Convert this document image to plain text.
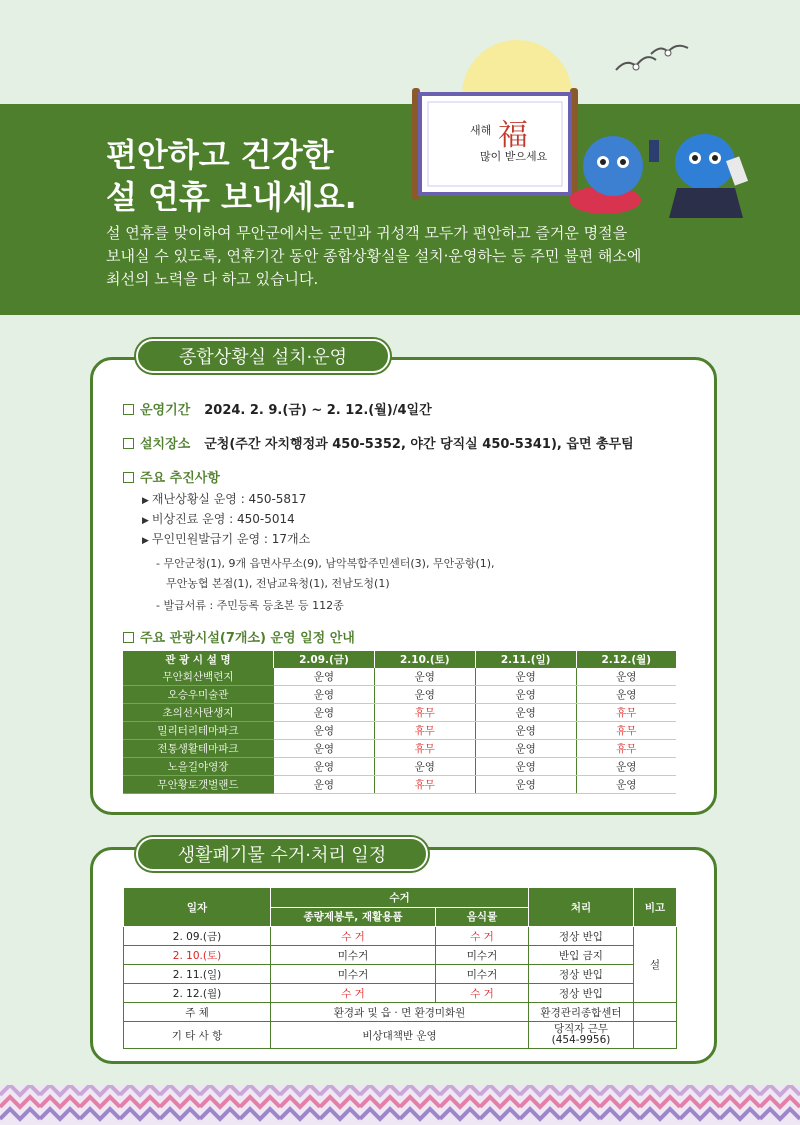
새해 福
많이 받으세요
편안하고 건강한
설 연휴 보내세요.

설 연휴를 맞이하여 무안군에서는 군민과 귀성객 모두가 편안하고 즐거운 명절을
보내실 수 있도록, 연휴기간 동안 종합상황실을 설치·운영하는 등 주민 불편 해소에
최선의 노력을 다 하고 있습니다.

종합상황실 설치·운영
운영기간 2024. 2. 9.(금) ~ 2. 12.(월)/4일간
설치장소 군청(주간 자치행정과 450-5352, 야간 당직실 450-5341), 읍면 총무팀
주요 추진사항
▶ 재난상황실 운영 : 450-5817
▶ 비상진료 운영 : 450-5014
▶ 무인민원발급기 운영 : 17개소
- 무안군청(1), 9개 읍면사무소(9), 남악복합주민센터(3), 무안공항(1),
무안농협 본점(1), 전남교육청(1), 전남도청(1)
- 발급서류 : 주민등록 등초본 등 112종
주요 관광시설(7개소) 운영 일정 안내
관 광 시 설 명	2.09.(금)	2.10.(토)	2.11.(일)	2.12.(월)
무안회산백련지	운영	운영	운영	운영
오승우미술관	운영	운영	운영	운영
초의선사탄생지	운영	휴무	운영	휴무
밀리터리테마파크	운영	휴무	운영	휴무
전통생활테마파크	운영	휴무	운영	휴무
노을길야영장	운영	운영	운영	운영
무안황토갯벌랜드	운영	휴무	운영	운영
생활폐기물 수거·처리 일정
일자	수거		처리	비고
	종량제봉투, 재활용품	음식물		
2. 09.(금)	수 거	수 거	정상 반입	설
2. 10.(토)	미수거	미수거	반입 금지	
2. 11.(일)	미수거	미수거	정상 반입	
2. 12.(월)	수 거	수 거	정상 반입	
주 체	환경과 및 읍 · 면 환경미화원		환경관리종합센터	
기 타 사 항	비상대책반 운영		당직자 근무
(454-9956)	
